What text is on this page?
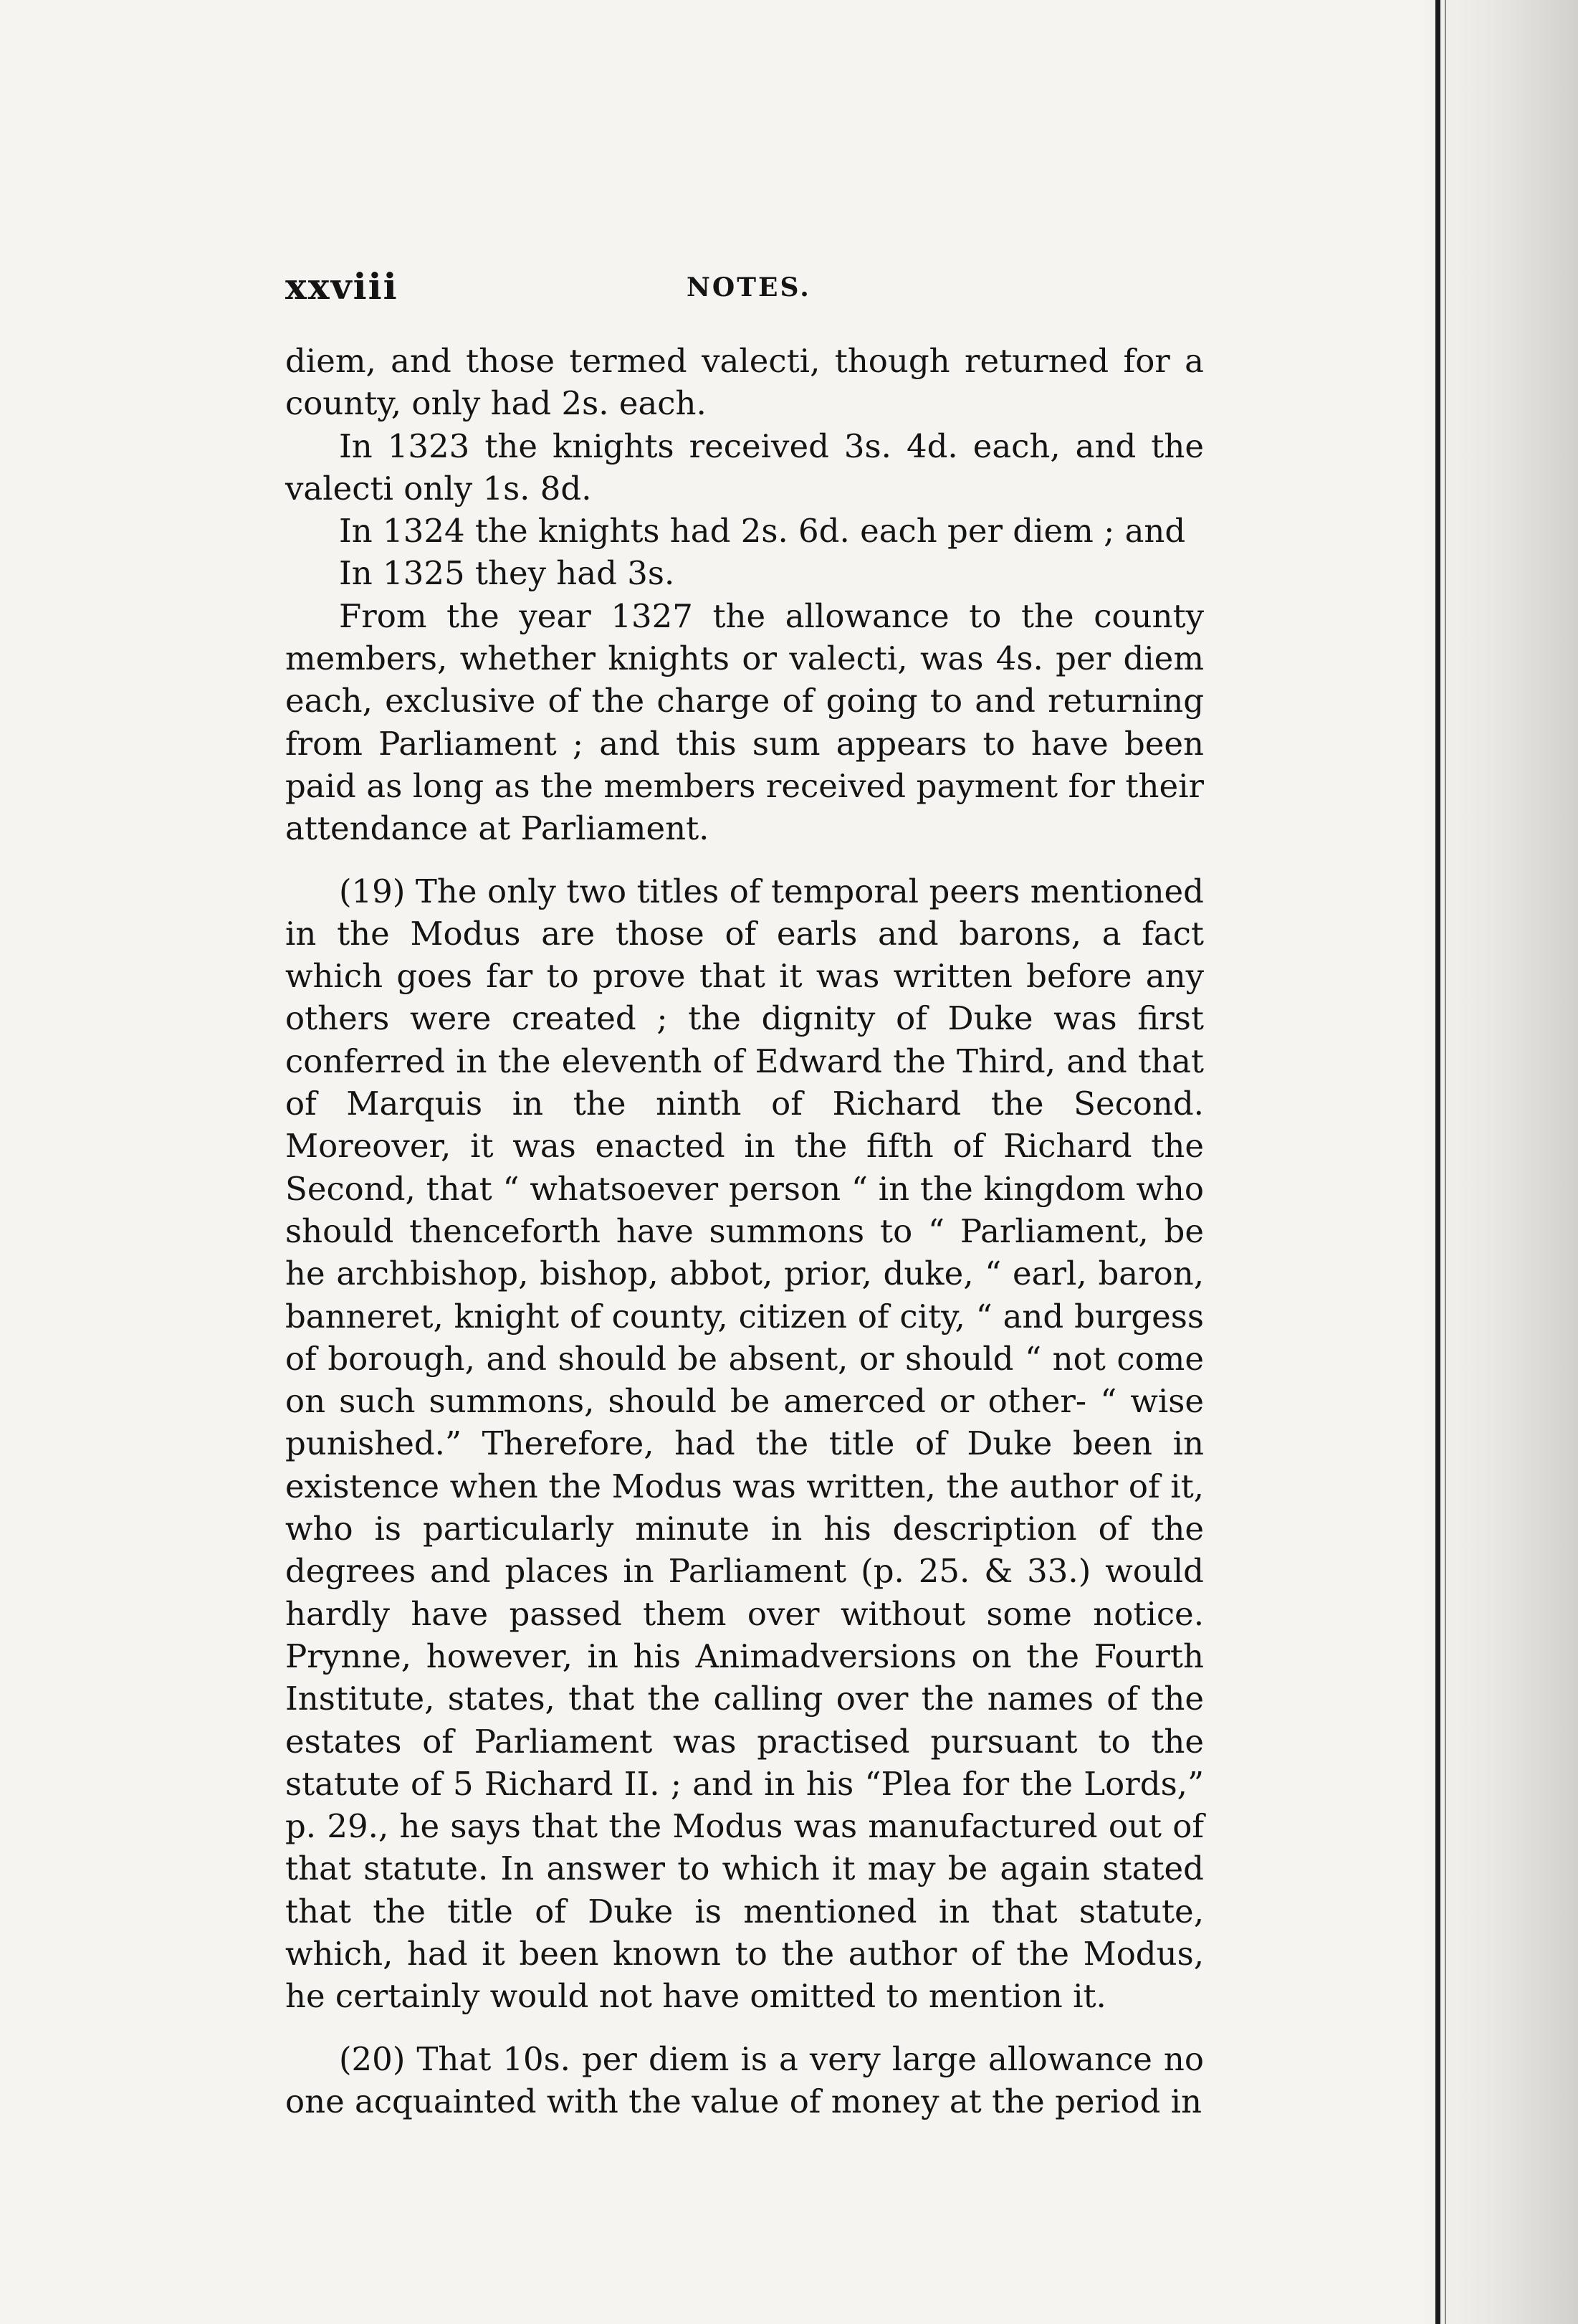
xxviii	NOTES.

diem, and those termed valecti, though returned for a county, only had 2s. each.

In 1323 the knights received 3s. 4d. each, and the valecti only 1s. 8d.

In 1324 the knights had 2s. 6d. each per diem ; and

In 1325 they had 3s.

From the year 1327 the allowance to the county members, whether knights or valecti, was 4s. per diem each, exclusive of the charge of going to and returning from Parliament ; and this sum appears to have been paid as long as the members received payment for their attendance at Parliament.

(19) The only two titles of temporal peers mentioned in the Modus are those of earls and barons, a fact which goes far to prove that it was written before any others were created ; the dignity of Duke was first conferred in the eleventh of Edward the Third, and that of Marquis in the ninth of Richard the Second. Moreover, it was enacted in the fifth of Richard the Second, that “ whatsoever person “ in the kingdom who should thenceforth have summons to “ Parliament, be he archbishop, bishop, abbot, prior, duke, “ earl, baron, banneret, knight of county, citizen of city, “ and burgess of borough, and should be absent, or should “ not come on such summons, should be amerced or other- “ wise punished.” Therefore, had the title of Duke been in existence when the Modus was written, the author of it, who is particularly minute in his description of the degrees and places in Parliament (p. 25. & 33.) would hardly have passed them over without some notice. Prynne, however, in his Animadversions on the Fourth Institute, states, that the calling over the names of the estates of Parliament was practised pursuant to the statute of 5 Richard II. ; and in his “Plea for the Lords,” p. 29., he says that the Modus was manufactured out of that statute. In answer to which it may be again stated that the title of Duke is mentioned in that statute, which, had it been known to the author of the Modus, he certainly would not have omitted to mention it.

(20) That 10s. per diem is a very large allowance no one acquainted with the value of money at the period in
